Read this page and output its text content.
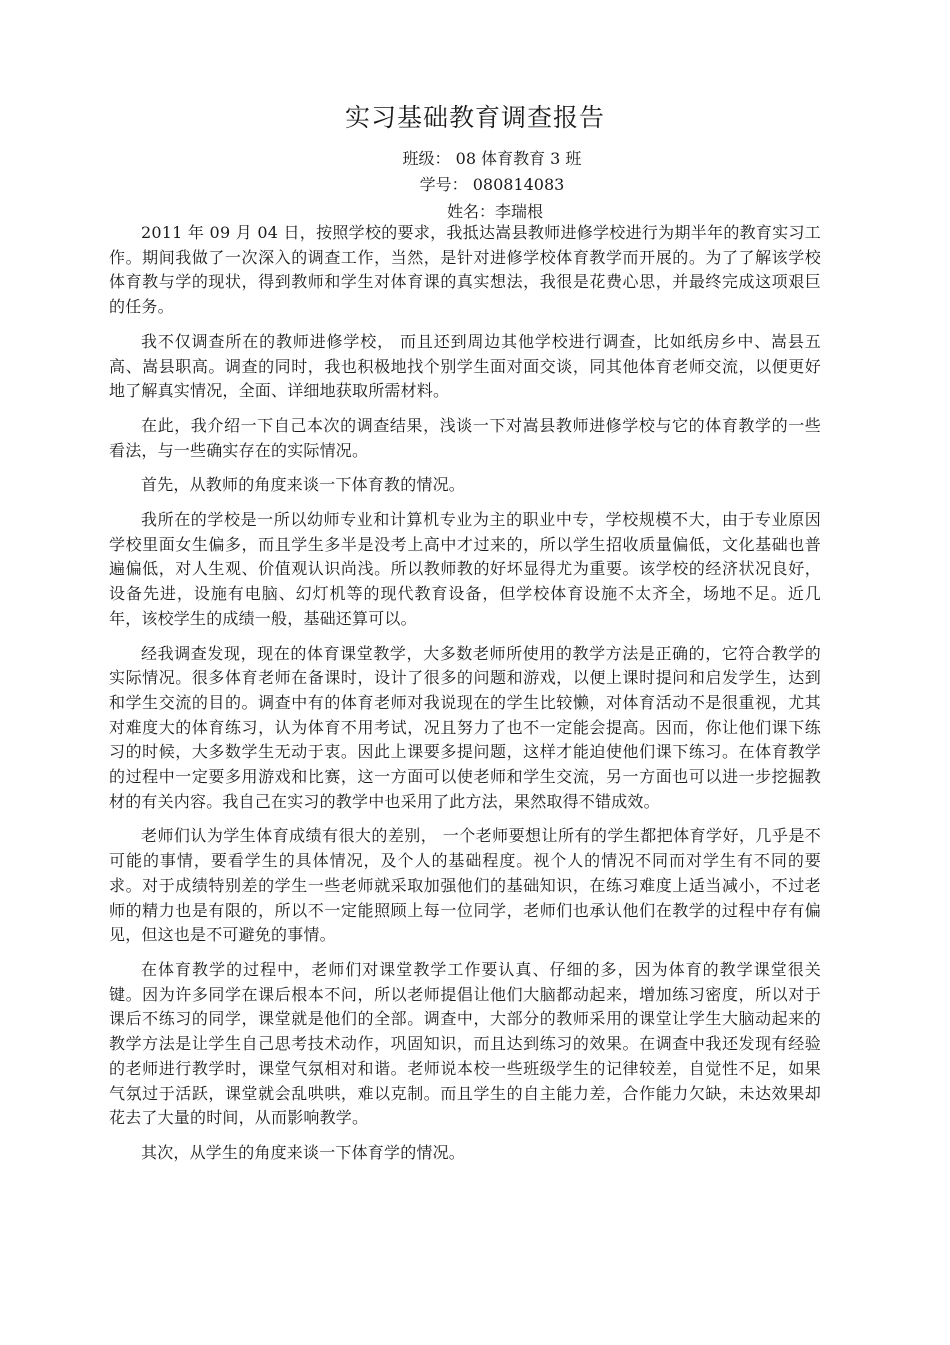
实习基础教育调查报告

班级： 08 体育教育 3 班

学号： 080814083

姓名：李瑞根

2011 年 09 月 04 日，按照学校的要求，我抵达嵩县教师进修学校进行为期半年的教育实习工作。期间我做了一次深入的调查工作，当然，是针对进修学校体育教学而开展的。为了了解该学校体育教与学的现状，得到教师和学生对体育课的真实想法，我很是花费心思，并最终完成这项艰巨的任务。

我不仅调查所在的教师进修学校， 而且还到周边其他学校进行调查，比如纸房乡中、嵩县五高、嵩县职高。调查的同时，我也积极地找个别学生面对面交谈，同其他体育老师交流，以便更好地了解真实情况，全面、详细地获取所需材料。

在此，我介绍一下自己本次的调查结果，浅谈一下对嵩县教师进修学校与它的体育教学的一些看法，与一些确实存在的实际情况。

首先，从教师的角度来谈一下体育教的情况。

我所在的学校是一所以幼师专业和计算机专业为主的职业中专，学校规模不大，由于专业原因学校里面女生偏多，而且学生多半是没考上高中才过来的，所以学生招收质量偏低，文化基础也普遍偏低，对人生观、价值观认识尚浅。所以教师教的好坏显得尤为重要。该学校的经济状况良好，设备先进，设施有电脑、幻灯机等的现代教育设备，但学校体育设施不太齐全，场地不足。近几年，该校学生的成绩一般，基础还算可以。

经我调查发现，现在的体育课堂教学，大多数老师所使用的教学方法是正确的，它符合教学的实际情况。很多体育老师在备课时，设计了很多的问题和游戏，以便上课时提问和启发学生，达到和学生交流的目的。调查中有的体育老师对我说现在的学生比较懒，对体育活动不是很重视，尤其对难度大的体育练习，认为体育不用考试，况且努力了也不一定能会提高。因而，你让他们课下练习的时候，大多数学生无动于衷。因此上课要多提问题，这样才能迫使他们课下练习。在体育教学的过程中一定要多用游戏和比赛，这一方面可以使老师和学生交流，另一方面也可以进一步挖掘教材的有关内容。我自己在实习的教学中也采用了此方法，果然取得不错成效。

老师们认为学生体育成绩有很大的差别， 一个老师要想让所有的学生都把体育学好，几乎是不可能的事情，要看学生的具体情况，及个人的基础程度。视个人的情况不同而对学生有不同的要求。对于成绩特别差的学生一些老师就采取加强他们的基础知识，在练习难度上适当减小，不过老师的精力也是有限的，所以不一定能照顾上每一位同学，老师们也承认他们在教学的过程中存有偏见，但这也是不可避免的事情。

在体育教学的过程中，老师们对课堂教学工作要认真、仔细的多，因为体育的教学课堂很关键。因为许多同学在课后根本不问，所以老师提倡让他们大脑都动起来，增加练习密度，所以对于课后不练习的同学，课堂就是他们的全部。调查中，大部分的教师采用的课堂让学生大脑动起来的教学方法是让学生自己思考技术动作，巩固知识，而且达到练习的效果。在调查中我还发现有经验的老师进行教学时，课堂气氛相对和谐。老师说本校一些班级学生的记律较差，自觉性不足，如果气氛过于活跃，课堂就会乱哄哄，难以克制。而且学生的自主能力差，合作能力欠缺，未达效果却花去了大量的时间，从而影响教学。

其次，从学生的角度来谈一下体育学的情况。
